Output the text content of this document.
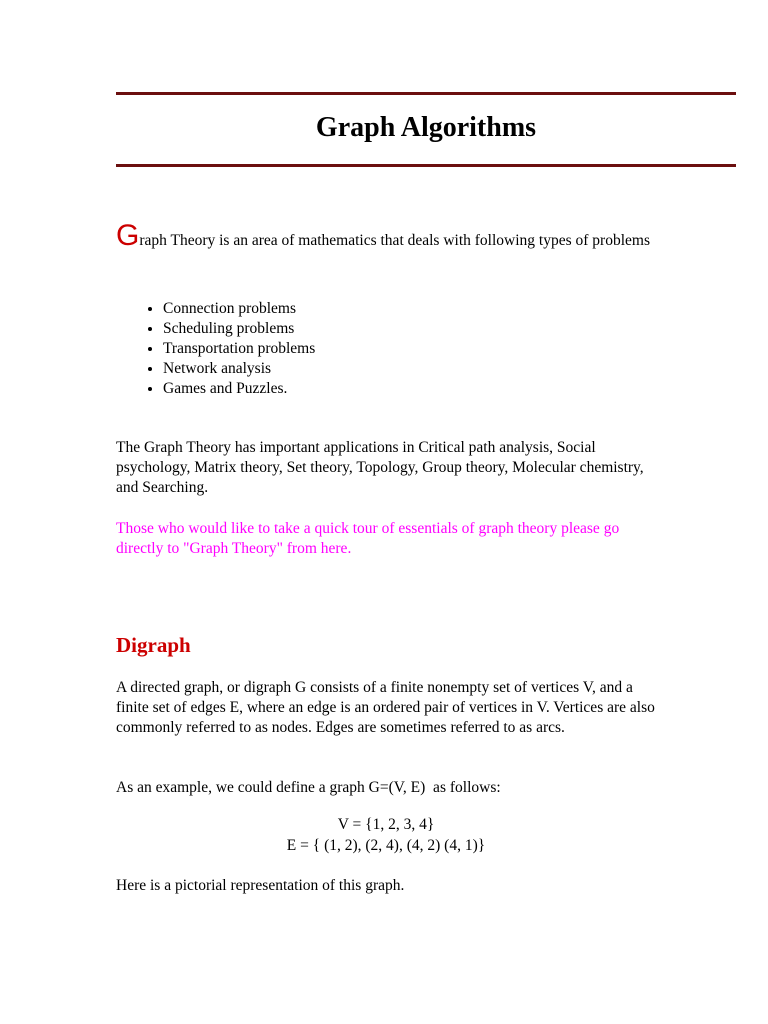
Graph Algorithms

Graph Theory is an area of mathematics that deals with following types of problems

• Connection problems
• Scheduling problems
• Transportation problems
• Network analysis
• Games and Puzzles.

The Graph Theory has important applications in Critical path analysis, Social psychology, Matrix theory, Set theory, Topology, Group theory, Molecular chemistry, and Searching.

Those who would like to take a quick tour of essentials of graph theory please go directly to "Graph Theory" from here.

Digraph

A directed graph, or digraph G consists of a finite nonempty set of vertices V, and a finite set of edges E, where an edge is an ordered pair of vertices in V. Vertices are also commonly referred to as nodes. Edges are sometimes referred to as arcs.

As an example, we could define a graph G=(V, E)  as follows:

V = {1, 2, 3, 4}
E = { (1, 2), (2, 4), (4, 2) (4, 1)}

Here is a pictorial representation of this graph.
